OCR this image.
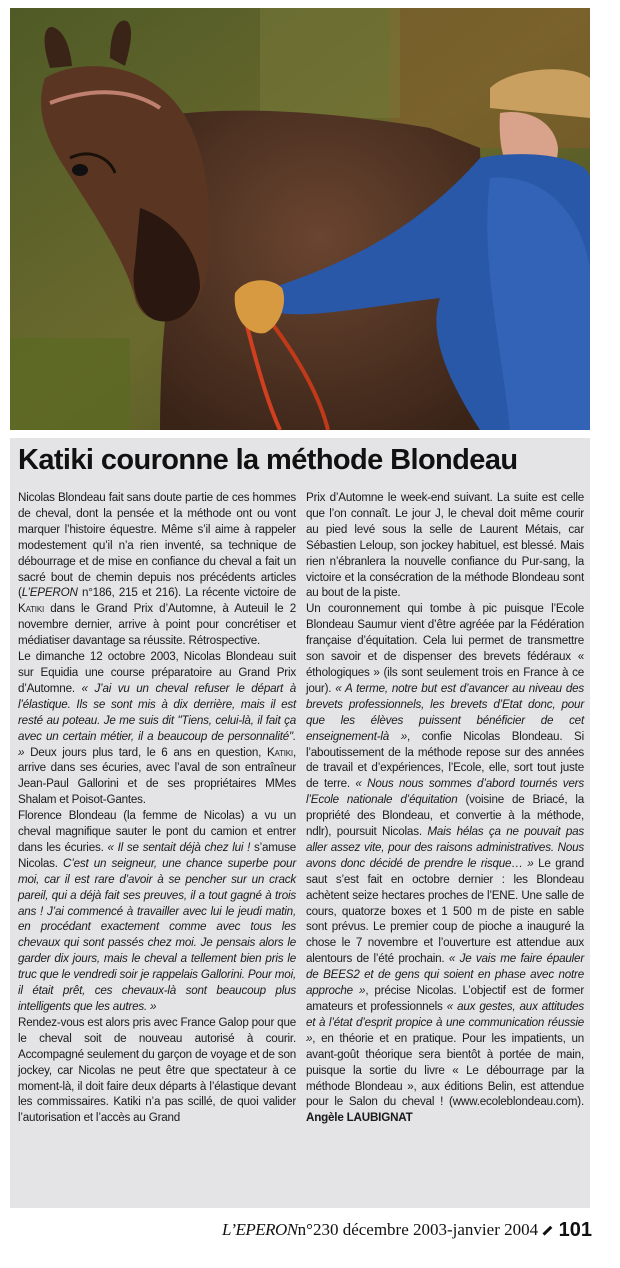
Katiki couronne la méthode Blondeau

Nicolas Blondeau fait sans doute partie de ces hommes de cheval, dont la pensée et la méthode ont ou vont marquer l’histoire équestre. Même s’il aime à rappeler modestement qu’il n’a rien inventé, sa technique de débourrage et de mise en confiance du cheval a fait un sacré bout de chemin depuis nos précédents articles (L’EPERON n°186, 215 et 216). La récente victoire de Katiki dans le Grand Prix d’Automne, à Auteuil le 2 novembre dernier, arrive à point pour concrétiser et médiatiser davantage sa réussite. Rétrospective.

Le dimanche 12 octobre 2003, Nicolas Blondeau suit sur Equidia une course préparatoire au Grand Prix d’Automne. « J’ai vu un cheval refuser le départ à l’élastique. Ils se sont mis à dix derrière, mais il est resté au poteau. Je me suis dit "Tiens, celui-là, il fait ça avec un certain métier, il a beaucoup de personnalité". » Deux jours plus tard, le 6 ans en question, Katiki, arrive dans ses écuries, avec l’aval de son entraîneur Jean-Paul Gallorini et de ses propriétaires MMes Shalam et Poisot-Gantes.

Florence Blondeau (la femme de Nicolas) a vu un cheval magnifique sauter le pont du camion et entrer dans les écuries. « Il se sentait déjà chez lui ! s’amuse Nicolas. C’est un seigneur, une chance superbe pour moi, car il est rare d’avoir à se pencher sur un crack pareil, qui a déjà fait ses preuves, il a tout gagné à trois ans ! J’ai commencé à travailler avec lui le jeudi matin, en procédant exactement comme avec tous les chevaux qui sont passés chez moi. Je pensais alors le garder dix jours, mais le cheval a tellement bien pris le truc que le vendredi soir je rappelais Gallorini. Pour moi, il était prêt, ces chevaux-là sont beaucoup plus intelligents que les autres. »

Rendez-vous est alors pris avec France Galop pour que le cheval soit de nouveau autorisé à courir. Accompagné seulement du garçon de voyage et de son jockey, car Nicolas ne peut être que spectateur à ce moment-là, il doit faire deux départs à l’élastique devant les commissaires. Katiki n’a pas scillé, de quoi valider l’autorisation et l’accès au Grand

Prix d’Automne le week-end suivant. La suite est celle que l’on connaît. Le jour J, le cheval doit même courir au pied levé sous la selle de Laurent Métais, car Sébastien Leloup, son jockey habituel, est blessé. Mais rien n’ébranlera la nouvelle confiance du Pur-sang, la victoire et la consécration de la méthode Blondeau sont au bout de la piste.

Un couronnement qui tombe à pic puisque l’Ecole Blondeau Saumur vient d’être agréée par la Fédération française d’équitation. Cela lui permet de transmettre son savoir et de dispenser des brevets fédéraux « éthologiques » (ils sont seulement trois en France à ce jour). « A terme, notre but est d’avancer au niveau des brevets professionnels, les brevets d’Etat donc, pour que les élèves puissent bénéficier de cet enseignement-là », confie Nicolas Blondeau. Si l’aboutissement de la méthode repose sur des années de travail et d’expériences, l’Ecole, elle, sort tout juste de terre. « Nous nous sommes d’abord tournés vers l’Ecole nationale d’équitation (voisine de Briacé, la propriété des Blondeau, et convertie à la méthode, ndlr), poursuit Nicolas. Mais hélas ça ne pouvait pas aller assez vite, pour des raisons administratives. Nous avons donc décidé de prendre le risque… » Le grand saut s’est fait en octobre dernier : les Blondeau achètent seize hectares proches de l’ENE. Une salle de cours, quatorze boxes et 1 500 m de piste en sable sont prévus. Le premier coup de pioche a inauguré la chose le 7 novembre et l’ouverture est attendue aux alentours de l’été prochain. « Je vais me faire épauler de BEES2 et de gens qui soient en phase avec notre approche », précise Nicolas. L’objectif est de former amateurs et professionnels « aux gestes, aux attitudes et à l’état d’esprit propice à une communication réussie », en théorie et en pratique. Pour les impatients, un avant-goût théorique sera bientôt à portée de main, puisque la sortie du livre « Le débourrage par la méthode Blondeau », aux éditions Belin, est attendue pour le Salon du cheval ! (www.ecoleblondeau.com). Angèle LAUBIGNAT

L’EPERON n°230 décembre 2003-janvier 2004 101
